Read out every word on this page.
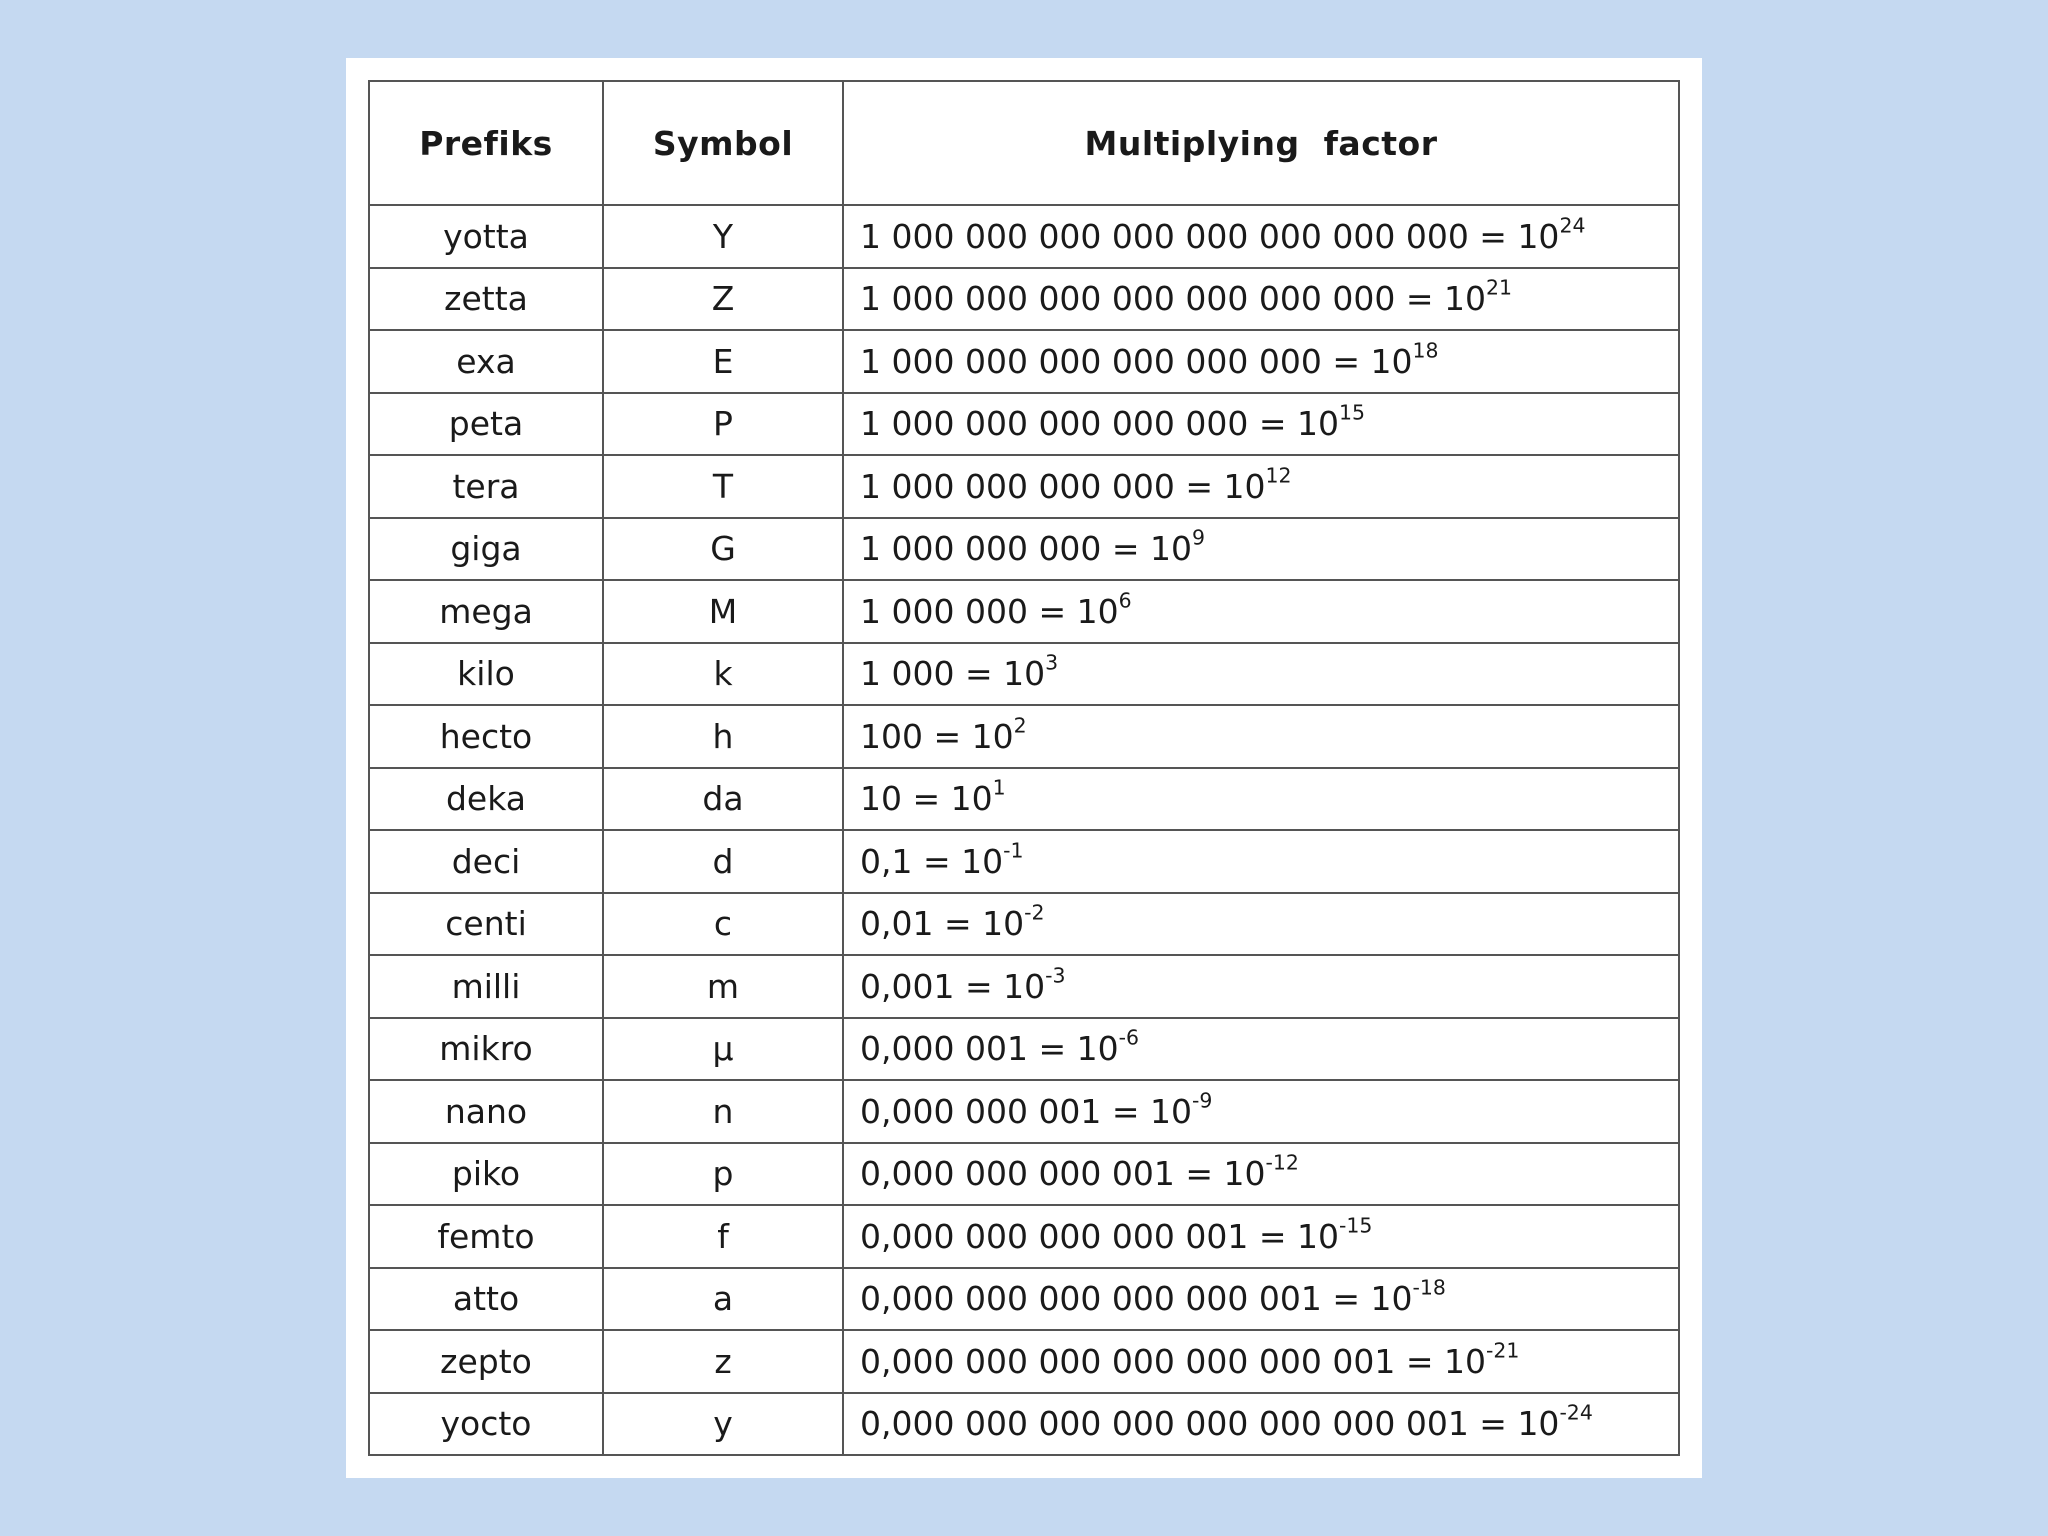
Prefiks	Symbol	Multiplying  factor
yotta	Y	1 000 000 000 000 000 000 000 $000 = 10^{24}$
zetta	Z	1 000 000 000 000 000 000 $000 = 10^{21}$
exa	E	1 000 000 000 000 000 $000 = 10^{18}$
peta	P	1 000 000 000 000 $000 = 10^{15}$
tera	T	1 000 000 000 $000 = 10^{12}$
giga	G	1 000 000 $000 = 10^9$
mega	M	1 000 $000 = 10^6$
kilo	k	1 $000 = 10^3$
hecto	h	$100 = 10^2$
deka	da	$10 = 10^1$
deci	d	$0,1 = 10^{-1}$
centi	c	$0,01 = 10^{-2}$
milli	m	$0,001 = 10^{-3}$
mikro	µ	0,000 $001 = 10^{-6}$
nano	n	0,000 000 $001 = 10^{-9}$
piko	p	0,000 000 000 $001 = 10^{-12}$
femto	f	0,000 000 000 000 $001 = 10^{-15}$
atto	a	0,000 000 000 000 000 $001 = 10^{-18}$
zepto	z	0,000 000 000 000 000 000 $001 = 10^{-21}$
yocto	y	0,000 000 000 000 000 000 000 $001 = 10^{-24}$
